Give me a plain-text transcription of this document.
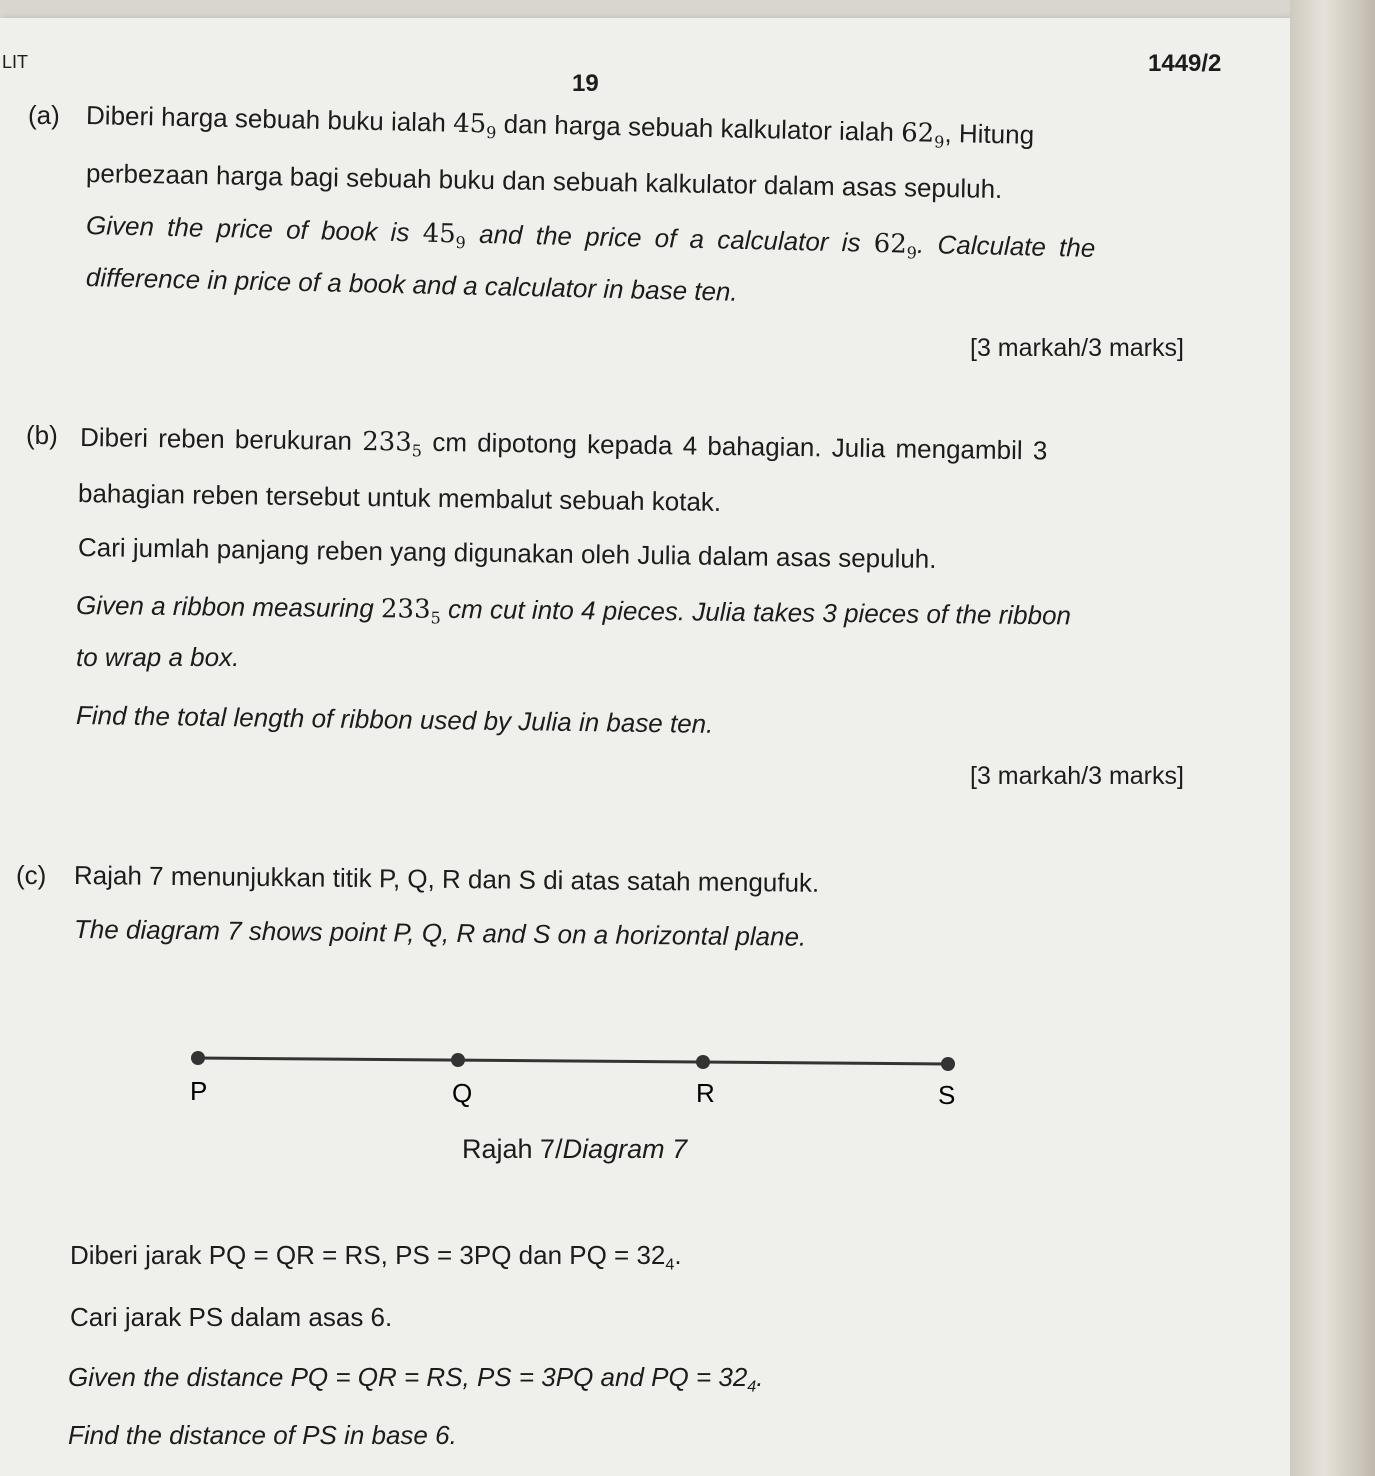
LIT
19
1449/2
(a) Diberi harga sebuah buku ialah $45_9$ dan harga sebuah kalkulator ialah $62_9$, Hitung
perbezaan harga bagi sebuah buku dan sebuah kalkulator dalam asas sepuluh.
Given the price of book is $45_9$ and the price of a calculator is $62_9$. Calculate the
difference in price of a book and a calculator in base ten.
[3 markah/3 marks]
(b) Diberi reben berukuran $233_5$ cm dipotong kepada 4 bahagian. Julia mengambil 3
bahagian reben tersebut untuk membalut sebuah kotak.
Cari jumlah panjang reben yang digunakan oleh Julia dalam asas sepuluh.
Given a ribbon measuring $233_5$ cm cut into 4 pieces. Julia takes 3 pieces of the ribbon
to wrap a box.
Find the total length of ribbon used by Julia in base ten.
[3 markah/3 marks]
(c) Rajah 7 menunjukkan titik P, Q, R dan S di atas satah mengufuk.
The diagram 7 shows point P, Q, R and S on a horizontal plane.
P	Q	R	S
Rajah 7/Diagram 7
Diberi jarak PQ = QR = RS, PS = 3PQ dan PQ = $32_4$.
Cari jarak PS dalam asas 6.
Given the distance PQ = QR = RS, PS = 3PQ and PQ = $32_4$.
Find the distance of PS in base 6.
